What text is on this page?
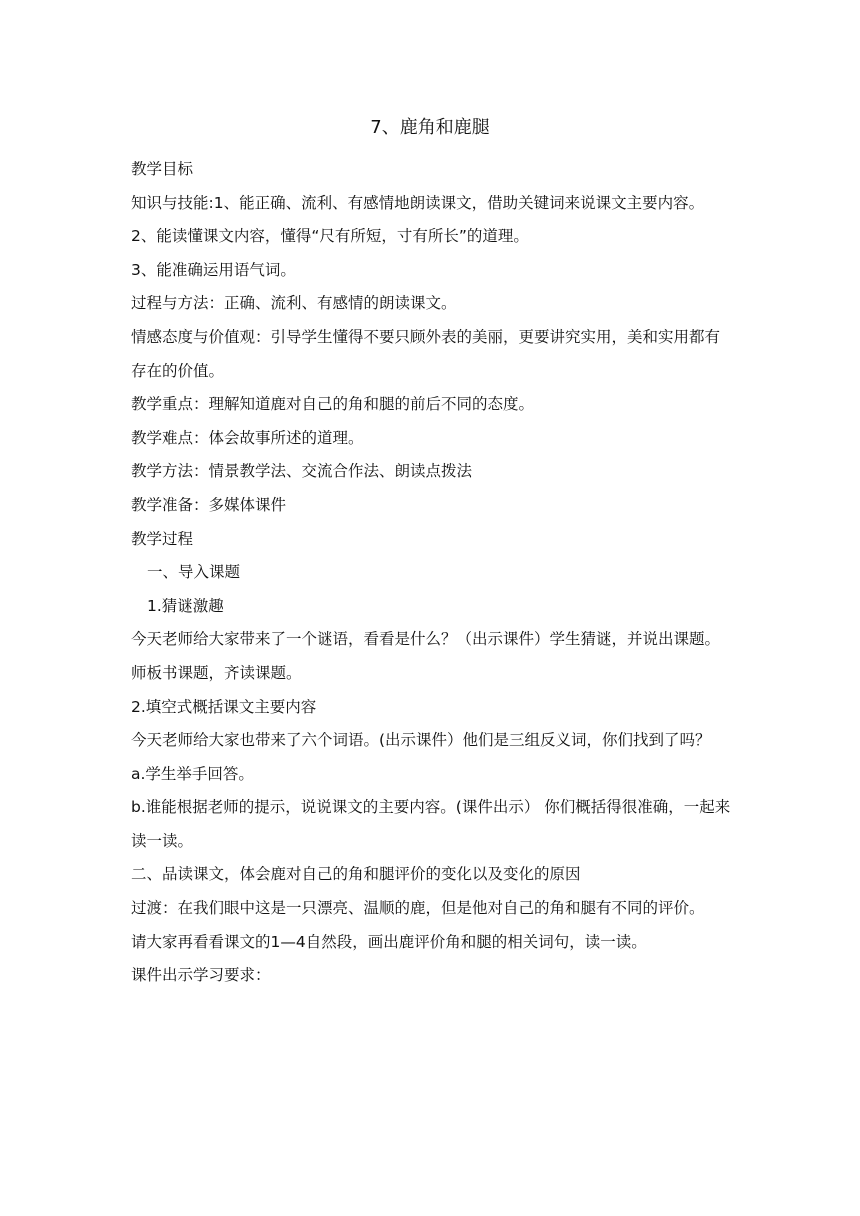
7、鹿角和鹿腿

教学目标

知识与技能:1、能正确、流利、有感情地朗读课文，借助关键词来说课文主要内容。

2、能读懂课文内容，懂得“尺有所短，寸有所长”的道理。

3、能准确运用语气词。

过程与方法：正确、流利、有感情的朗读课文。

情感态度与价值观：引导学生懂得不要只顾外表的美丽，更要讲究实用，美和实用都有存在的价值。

教学重点：理解知道鹿对自己的角和腿的前后不同的态度。

教学难点：体会故事所述的道理。

教学方法：情景教学法、交流合作法、朗读点拨法

教学准备：多媒体课件

教学过程

一、导入课题

1.猜谜激趣

今天老师给大家带来了一个谜语，看看是什么？（出示课件）学生猜谜，并说出课题。师板书课题，齐读课题。

2.填空式概括课文主要内容

今天老师给大家也带来了六个词语。(出示课件）他们是三组反义词，你们找到了吗？

a.学生举手回答。

b.谁能根据老师的提示，说说课文的主要内容。(课件出示） 你们概括得很准确，一起来读一读。

二、品读课文，体会鹿对自己的角和腿评价的变化以及变化的原因

过渡：在我们眼中这是一只漂亮、温顺的鹿，但是他对自己的角和腿有不同的评价。

请大家再看看课文的1—4自然段，画出鹿评价角和腿的相关词句，读一读。

课件出示学习要求：
